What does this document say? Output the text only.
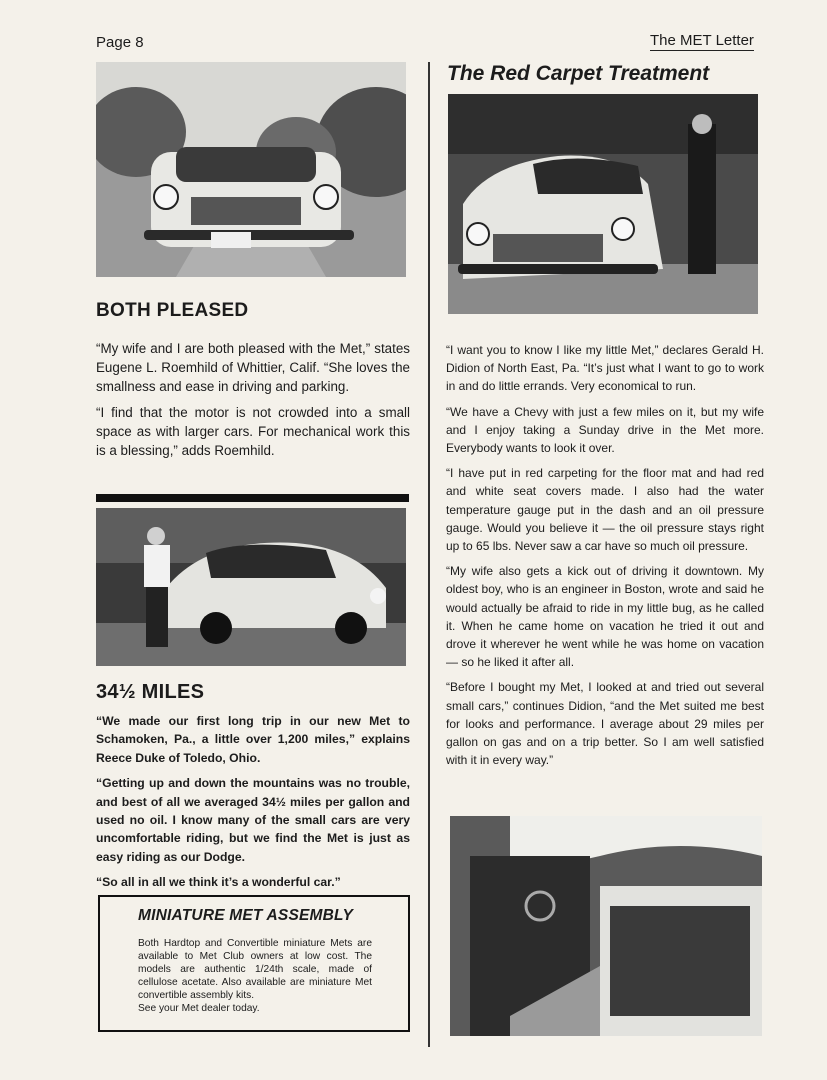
Page 8	The MET Letter
BOTH PLEASED

“My wife and I are both pleased with the Met,” states Eugene L. Roemhild of Whittier, Calif. “She loves the smallness and ease in driving and parking.

“I find that the motor is not crowded into a small space as with larger cars. For mechanical work this is a blessing,” adds Roemhild.

34½ MILES

“We made our first long trip in our new Met to Schamoken, Pa., a little over 1,200 miles,” explains Reece Duke of Toledo, Ohio.

“Getting up and down the mountains was no trouble, and best of all we averaged 34½ miles per gallon and used no oil. I know many of the small cars are very uncomfortable riding, but we find the Met is just as easy riding as our Dodge.

“So all in all we think it’s a wonderful car.”

MINIATURE MET ASSEMBLY

Both Hardtop and Convertible miniature Mets are available to Met Club owners at low cost. The models are authentic 1/24th scale, made of cellulose acetate. Also available are miniature Met convertible assembly kits.

See your Met dealer today.

The Red Carpet Treatment

“I want you to know I like my little Met,” declares Gerald H. Didion of North East, Pa. “It’s just what I want to go to work in and do little errands. Very economical to run.

“We have a Chevy with just a few miles on it, but my wife and I enjoy taking a Sunday drive in the Met more. Everybody wants to look it over.

“I have put in red carpeting for the floor mat and had red and white seat covers made. I also had the water temperature gauge put in the dash and an oil pressure gauge. Would you believe it — the oil pressure stays right up to 65 lbs. Never saw a car have so much oil pressure.

“My wife also gets a kick out of driving it downtown. My oldest boy, who is an engineer in Boston, wrote and said he would actually be afraid to ride in my little bug, as he called it. When he came home on vacation he tried it out and drove it wherever he went while he was home on vacation — so he liked it after all.

“Before I bought my Met, I looked at and tried out several small cars,” continues Didion, “and the Met suited me best for looks and performance. I average about 29 miles per gallon on gas and on a trip better. So I am well satisfied with it in every way.”
